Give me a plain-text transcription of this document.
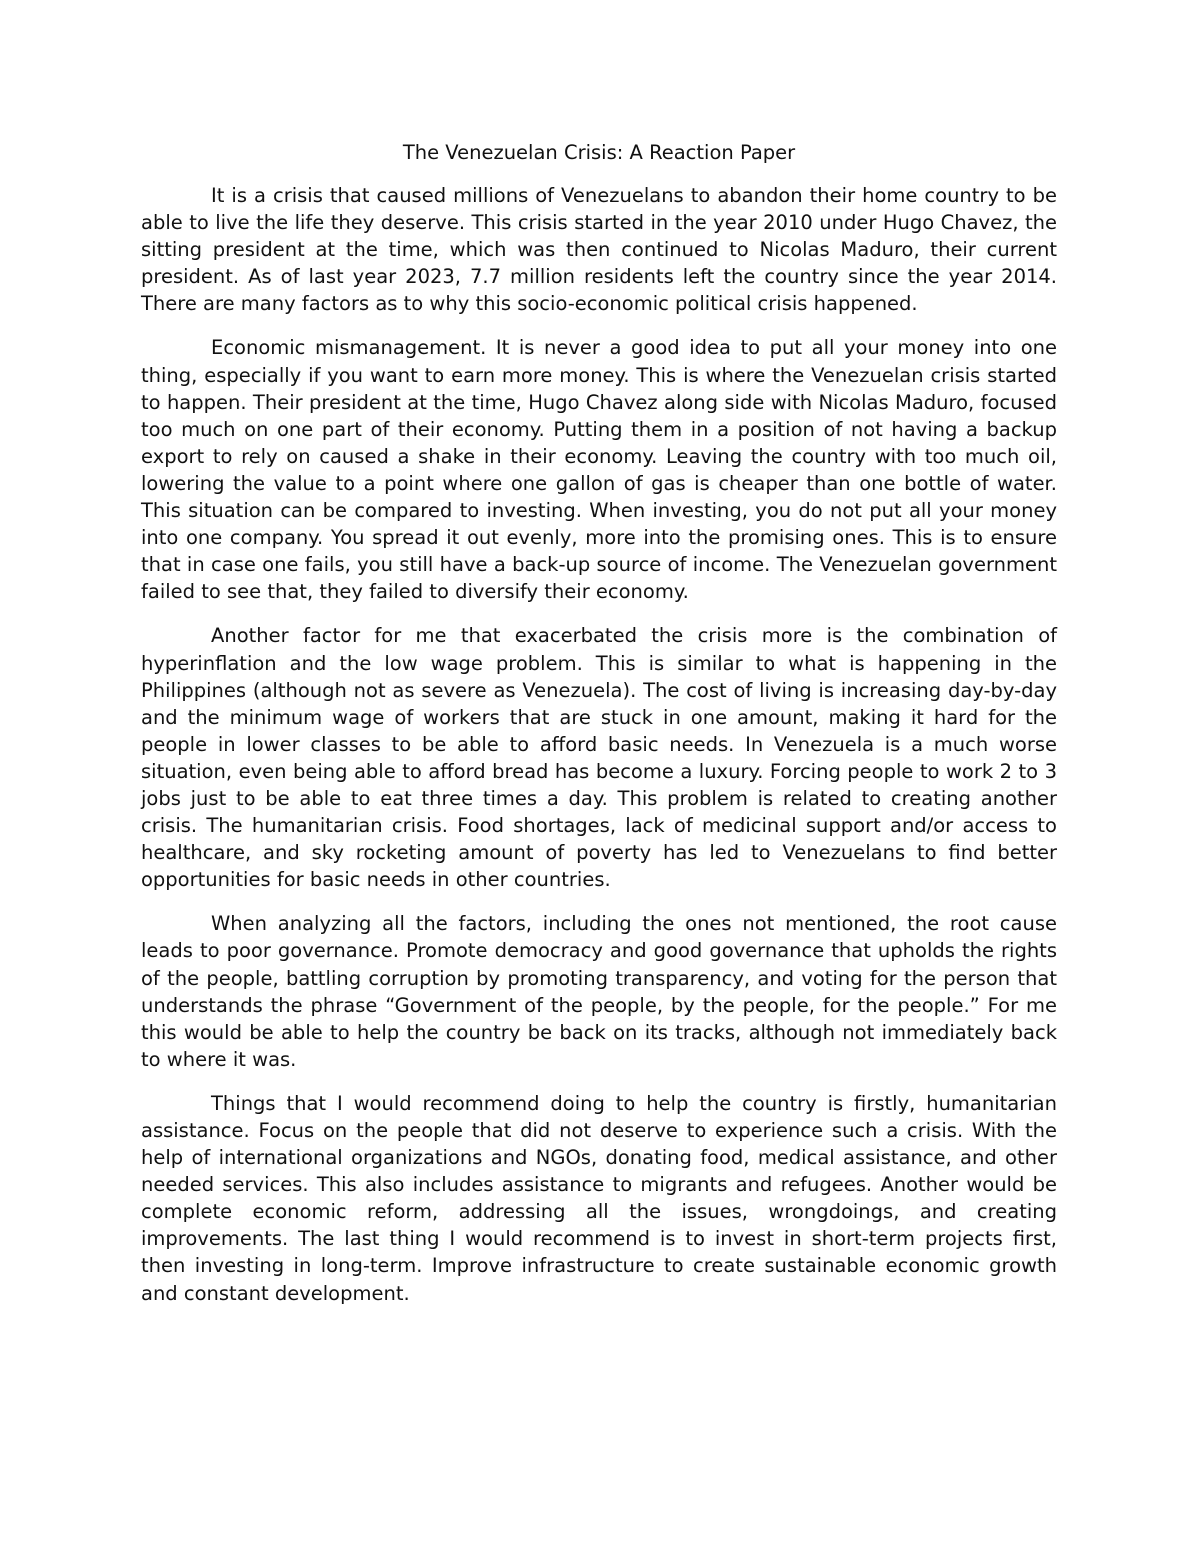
The Venezuelan Crisis: A Reaction Paper

It is a crisis that caused millions of Venezuelans to abandon their home country to be able to live the life they deserve. This crisis started in the year 2010 under Hugo Chavez, the sitting president at the time, which was then continued to Nicolas Maduro, their current president. As of last year 2023, 7.7 million residents left the country since the year 2014. There are many factors as to why this socio-economic political crisis happened.

Economic mismanagement. It is never a good idea to put all your money into one thing, especially if you want to earn more money. This is where the Venezuelan crisis started to happen. Their president at the time, Hugo Chavez along side with Nicolas Maduro, focused too much on one part of their economy. Putting them in a position of not having a backup export to rely on caused a shake in their economy. Leaving the country with too much oil, lowering the value to a point where one gallon of gas is cheaper than one bottle of water. This situation can be compared to investing. When investing, you do not put all your money into one company. You spread it out evenly, more into the promising ones. This is to ensure that in case one fails, you still have a back-up source of income. The Venezuelan government failed to see that, they failed to diversify their economy.

Another factor for me that exacerbated the crisis more is the combination of hyperinflation and the low wage problem. This is similar to what is happening in the Philippines (although not as severe as Venezuela). The cost of living is increasing day-by-day and the minimum wage of workers that are stuck in one amount, making it hard for the people in lower classes to be able to afford basic needs. In Venezuela is a much worse situation, even being able to afford bread has become a luxury. Forcing people to work 2 to 3 jobs just to be able to eat three times a day. This problem is related to creating another crisis. The humanitarian crisis. Food shortages, lack of medicinal support and/or access to healthcare, and sky rocketing amount of poverty has led to Venezuelans to find better opportunities for basic needs in other countries.

When analyzing all the factors, including the ones not mentioned, the root cause leads to poor governance. Promote democracy and good governance that upholds the rights of the people, battling corruption by promoting transparency, and voting for the person that understands the phrase “Government of the people, by the people, for the people.” For me this would be able to help the country be back on its tracks, although not immediately back to where it was.

Things that I would recommend doing to help the country is firstly, humanitarian assistance. Focus on the people that did not deserve to experience such a crisis. With the help of international organizations and NGOs, donating food, medical assistance, and other needed services. This also includes assistance to migrants and refugees. Another would be complete economic reform, addressing all the issues, wrongdoings, and creating improvements. The last thing I would recommend is to invest in short-term projects first, then investing in long-term. Improve infrastructure to create sustainable economic growth and constant development.
